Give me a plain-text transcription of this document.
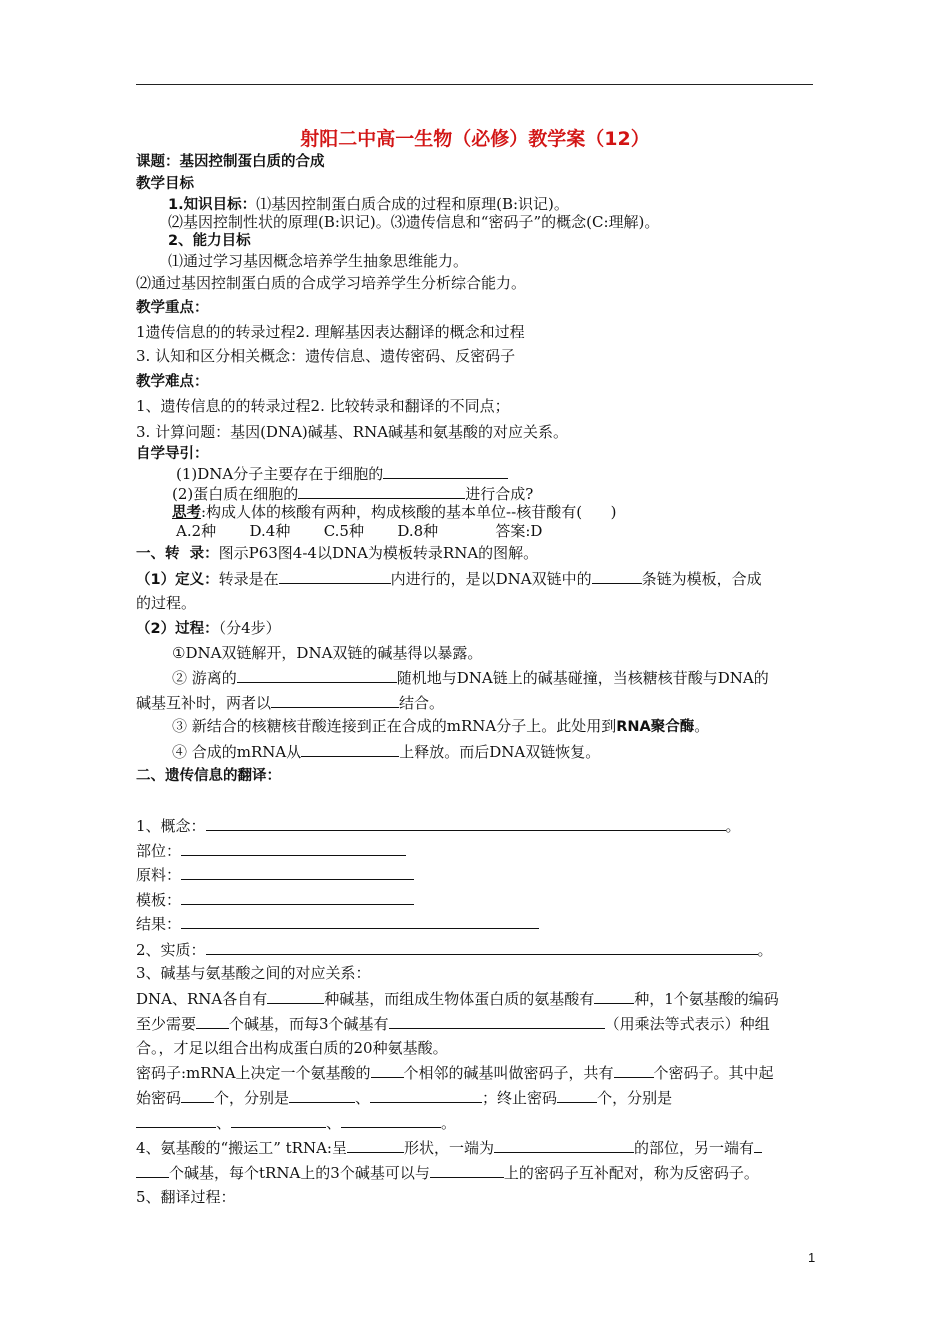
射阳二中高一生物（必修）教学案（12）
课题：基因控制蛋白质的合成
教学目标
1.知识目标：⑴基因控制蛋白质合成的过程和原理(B:识记)。
⑵基因控制性状的原理(B:识记)。⑶遗传信息和“密码子”的概念(C:理解)。
2、能力目标
⑴通过学习基因概念培养学生抽象思维能力。
⑵通过基因控制蛋白质的合成学习培养学生分析综合能力。
教学重点：
1遗传信息的的转录过程2. 理解基因表达翻译的概念和过程
3. 认知和区分相关概念：遗传信息、遗传密码、反密码子
教学难点：
1、遗传信息的的转录过程2. 比较转录和翻译的不同点；
3. 计算问题：基因(DNA)碱基、RNA碱基和氨基酸的对应关系。
自学导引：
(1)DNA分子主要存在于细胞的
(2)蛋白质在细胞的	进行合成?
思考:构成人体的核酸有两种，构成核酸的基本单位--核苷酸有(      )
A.2种       D.4种       C.5种       D.8种            答案:D
一、转  录：图示P63图4-4以DNA为模板转录RNA的图解。
（1）定义：转录是在	内进行的，是以DNA双链中的	条链为模板，合成
的过程。
（2）过程：（分4步）
①DNA双链解开，DNA双链的碱基得以暴露。
② 游离的	随机地与DNA链上的碱基碰撞，当核糖核苷酸与DNA的
碱基互补时，两者以	结合。
③ 新结合的核糖核苷酸连接到正在合成的mRNA分子上。此处用到RNA聚合酶。
④ 合成的mRNA从	上释放。而后DNA双链恢复。
二、遗传信息的翻译：
1、概念：	。
部位：
原料：
模板：
结果：
2、实质：	。
3、碱基与氨基酸之间的对应关系：
DNA、RNA各自有	种碱基，而组成生物体蛋白质的氨基酸有	种，1个氨基酸的编码
至少需要 个碱基，而每3个碱基有	（用乘法等式表示）种组
合。，才足以组合出构成蛋白质的20种氨基酸。
密码子:mRNA上决定一个氨基酸的 个相邻的碱基叫做密码子，共有	个密码子。其中起
始密码 个，分别是	、	；终止密码	个，分别是
、	、	。
4、氨基酸的“搬运工” tRNA:呈	形状，一端为	的部位，另一端有
个碱基，每个tRNA上的3个碱基可以与	上的密码子互补配对，称为反密码子。
5、翻译过程：
1
